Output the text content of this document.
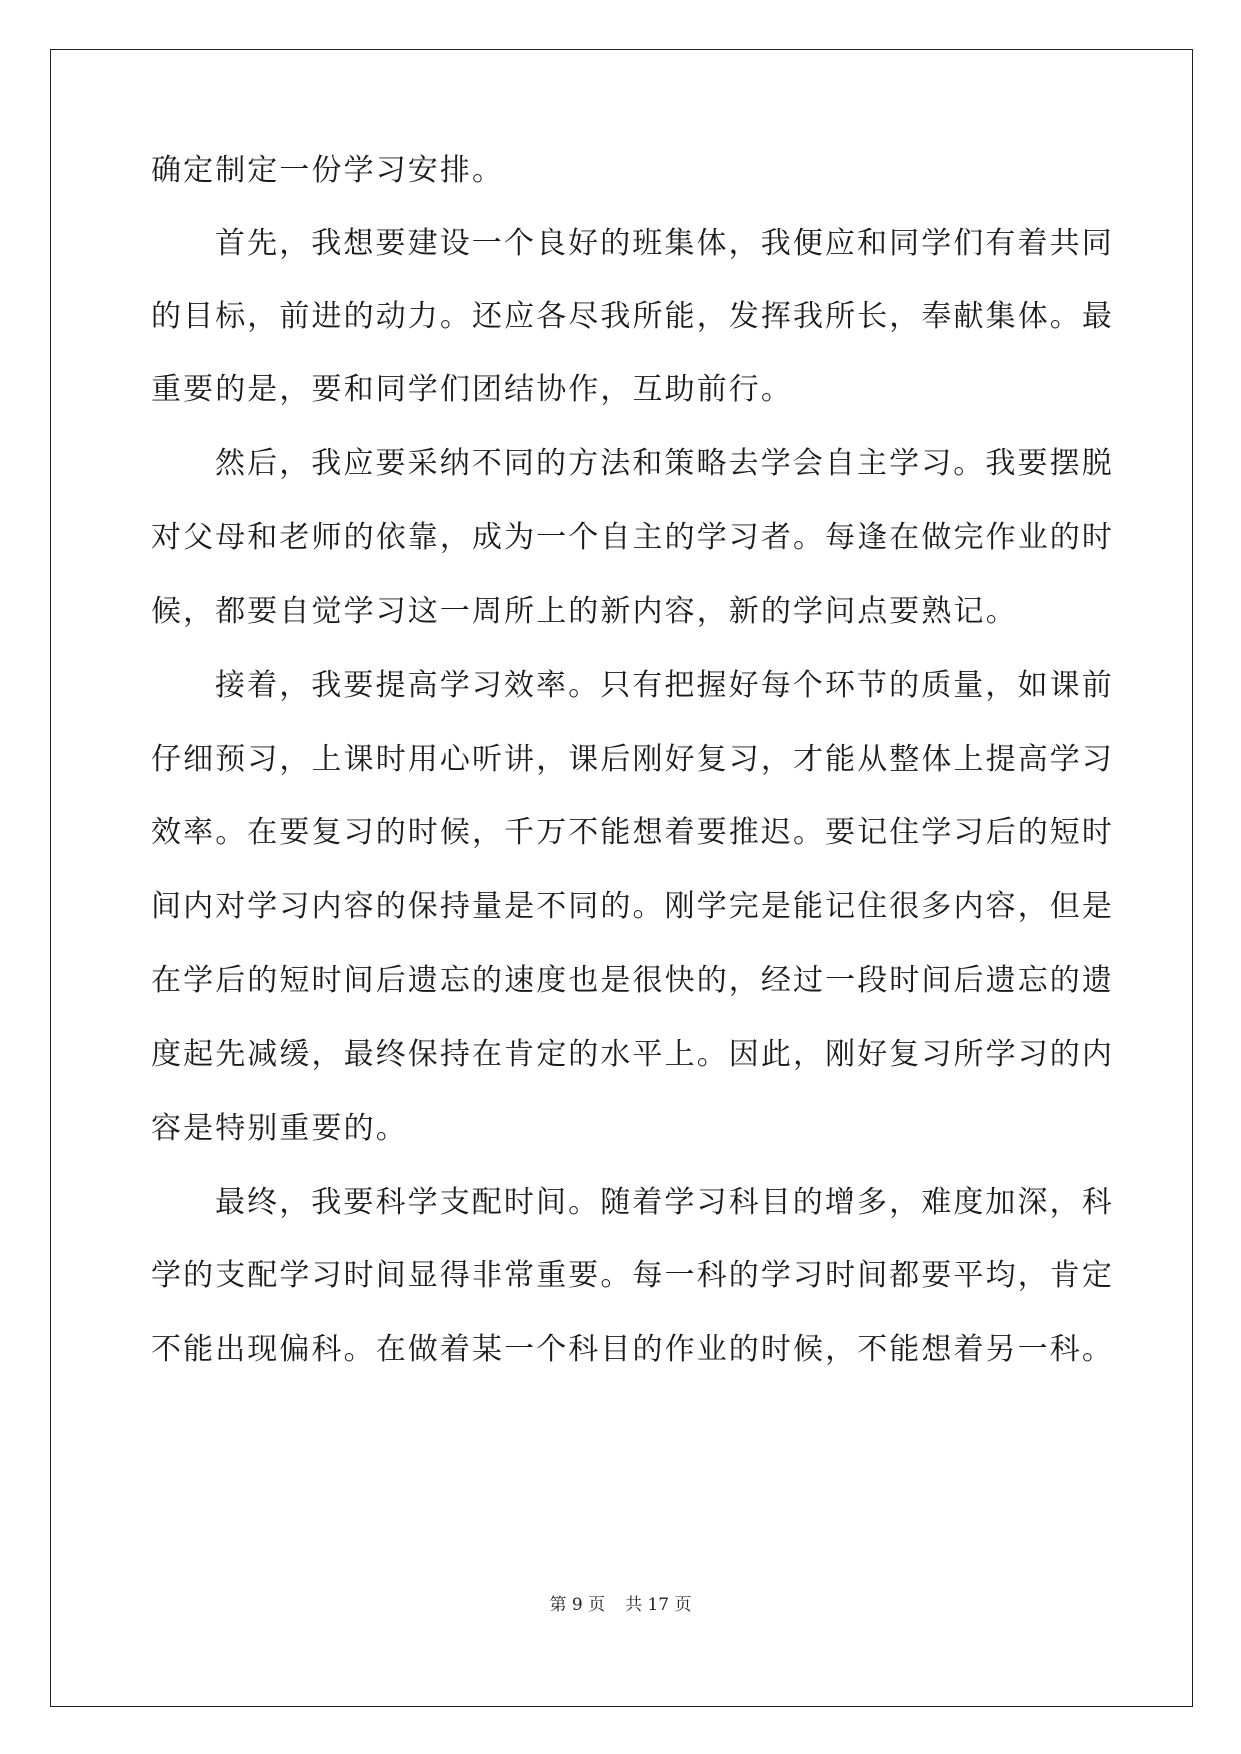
确定制定一份学习安排。
首先，我想要建设一个良好的班集体，我便应和同学们有着共同
的目标，前进的动力。还应各尽我所能，发挥我所长，奉献集体。最
重要的是，要和同学们团结协作，互助前行。
然后，我应要采纳不同的方法和策略去学会自主学习。我要摆脱
对父母和老师的依靠，成为一个自主的学习者。每逢在做完作业的时
候，都要自觉学习这一周所上的新内容，新的学问点要熟记。
接着，我要提高学习效率。只有把握好每个环节的质量，如课前
仔细预习，上课时用心听讲，课后刚好复习，才能从整体上提高学习
效率。在要复习的时候，千万不能想着要推迟。要记住学习后的短时
间内对学习内容的保持量是不同的。刚学完是能记住很多内容，但是
在学后的短时间后遗忘的速度也是很快的，经过一段时间后遗忘的遗
度起先减缓，最终保持在肯定的水平上。因此，刚好复习所学习的内
容是特别重要的。
最终，我要科学支配时间。随着学习科目的增多，难度加深，科
学的支配学习时间显得非常重要。每一科的学习时间都要平均，肯定
不能出现偏科。在做着某一个科目的作业的时候，不能想着另一科。
第 9 页 共 17 页
